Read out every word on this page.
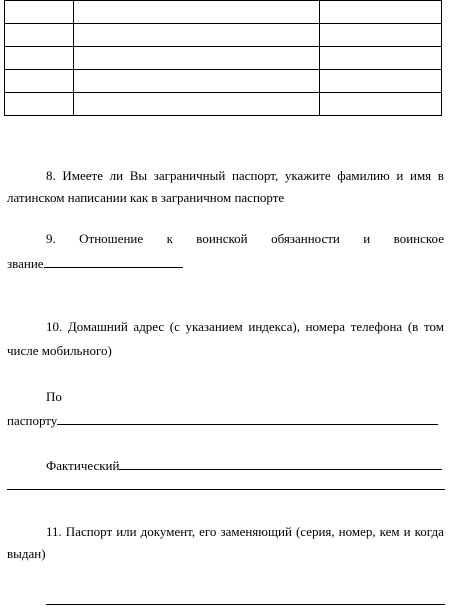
8. Имеете ли Вы заграничный паспорт, укажите фамилию и имя в
латинском написании как в заграничном паспорте
9. Отношение к воинской обязанности и воинское
звание
10. Домашний адрес (с указанием индекса), номера телефона (в том
числе мобильного)
По
паспорту
Фактический
11. Паспорт или документ, его заменяющий (серия, номер, кем и когда
выдан)
